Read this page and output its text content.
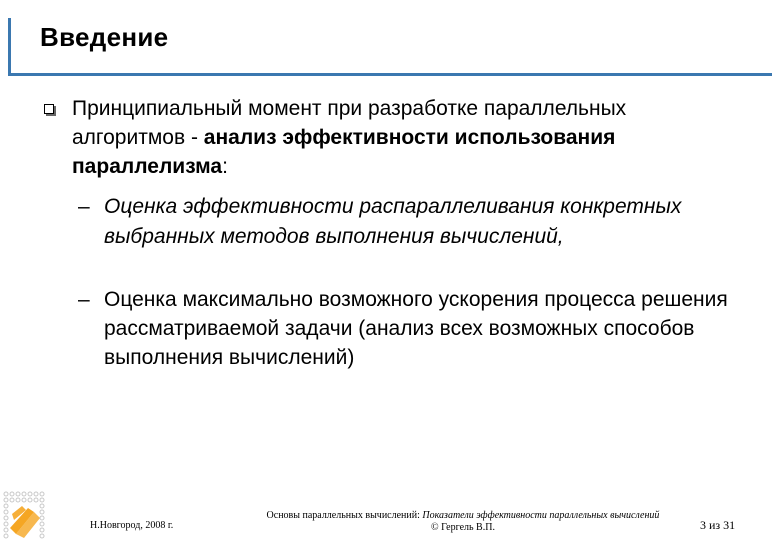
Введение
Принципиальный момент при разработке параллельных алгоритмов - анализ эффективности использования параллелизма:
– Оценка эффективности распараллеливания конкретных выбранных методов выполнения вычислений,
– Оценка максимально возможного ускорения процесса решения рассматриваемой задачи (анализ всех возможных способов выполнения вычислений)
Н.Новгород, 2008 г.
Основы параллельных вычислений: Показатели эффективности параллельных вычислений
© Гергель В.П.	3 из 31
